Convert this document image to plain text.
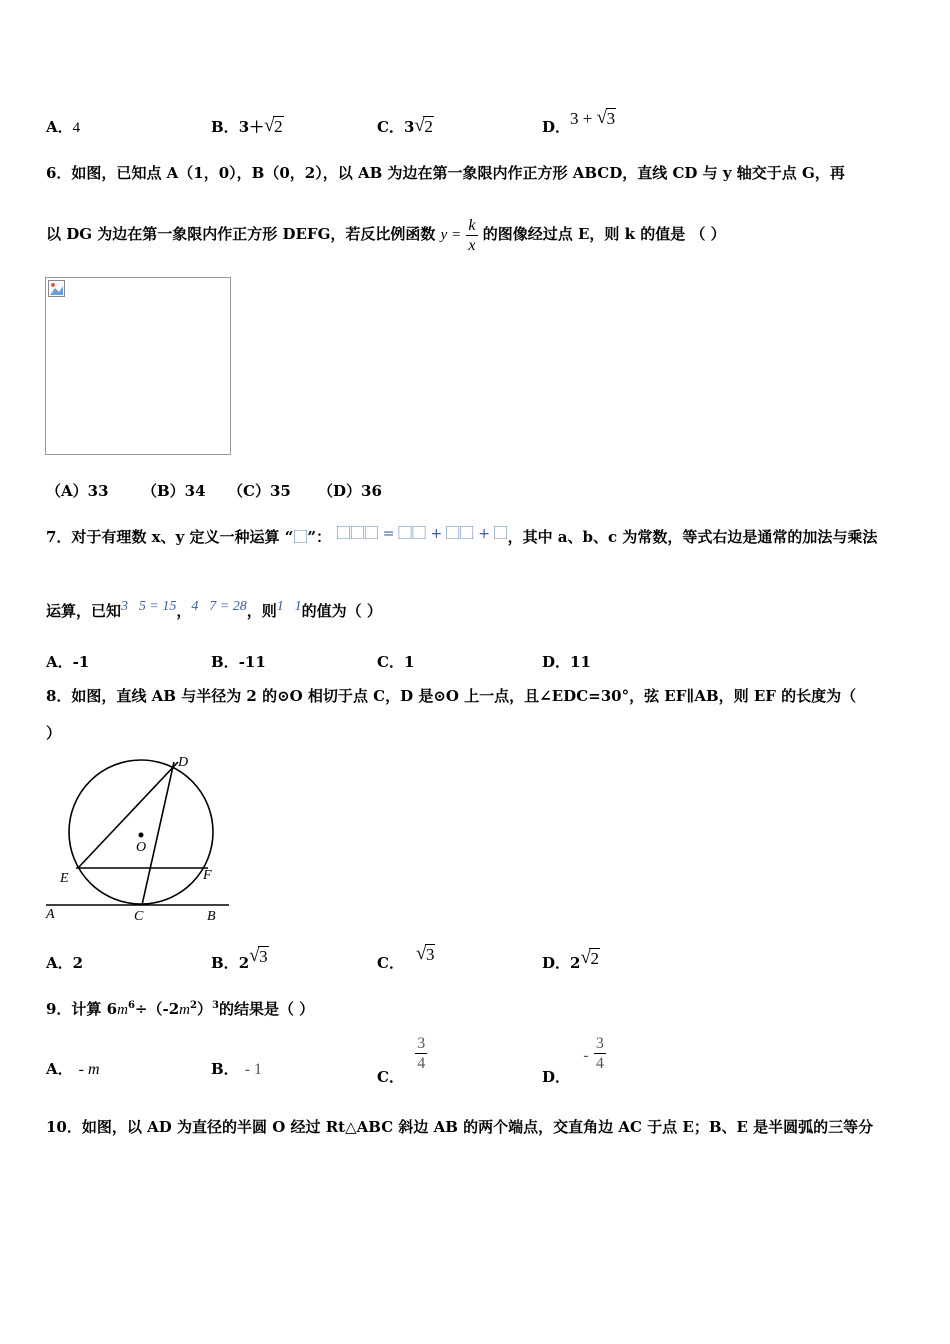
A．4	B．3＋ √ 2	C．3 √ 2	D．3 + √ 3
6．如图，已知点 A（1，0），B（0，2），以 AB 为边在第一象限内作正方形 ABCD，直线 CD 与 y 轴交于点 G，再
以 DG 为边在第一象限内作正方形 DEFG，若反比例函数 $y = \frac{k}{x}$ 的图像经过点 E，则 k 的值是 （ ）
（A）33 （B）34 （C）35 （D）36
7．对于有理数 x、y 定义一种运算 “⃞”： ⃞⃞⃞ = ⃞⃞ + ⃞⃞ + ⃞，其中 a、b、c 为常数，等式右边是通常的加法与乘法
运算，已知3⃞5 = 15，4⃞7 = 28，则1⃞1的值为（ ）
A．-1	B．-11	C．1	D．11
8．如图，直线 AB 与半径为 2 的⊙O 相切于点 C，D 是⊙O 上一点，且∠EDC=30°，弦 EF∥AB，则 EF 的长度为（
）
D
O
E	F
A	C	B
A．2	B．2 √ 3	C． √ 3	D．2 √ 2
9．计算 $6m^6\div(-2m^2)^3$的结果是（ ）
A． - m	B． - 1	C．
$\frac{3}{4}$
D． - $\frac{3}{4}$
10．如图，以 AD 为直径的半圆 O 经过 Rt△ABC 斜边 AB 的两个端点，交直角边 AC 于点 E；B、E 是半圆弧的三等分
